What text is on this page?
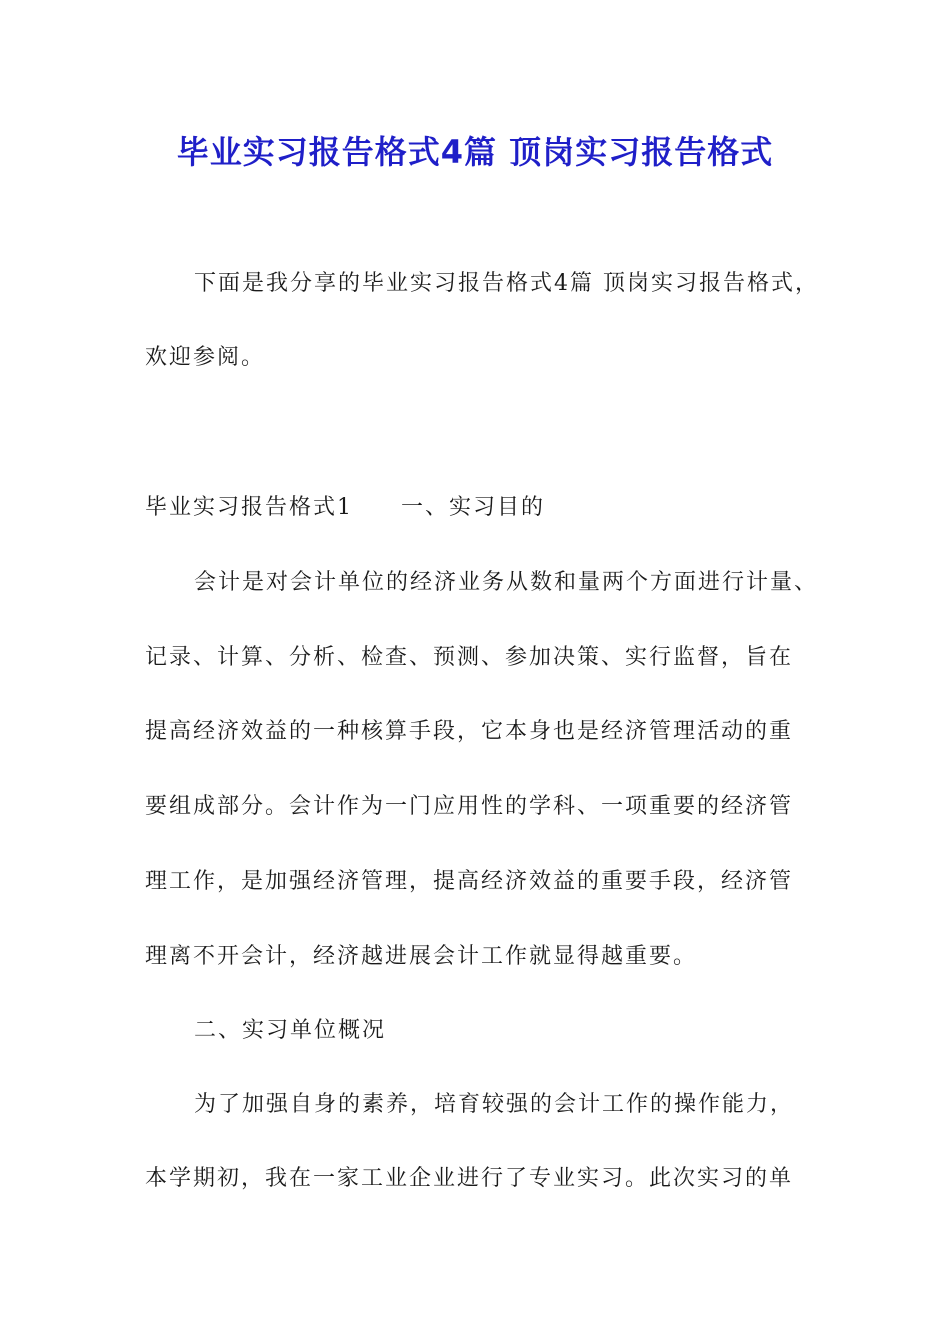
毕业实习报告格式4篇 顶岗实习报告格式
下面是我分享的毕业实习报告格式4篇 顶岗实习报告格式，
欢迎参阅。
毕业实习报告格式1　　一、实习目的
会计是对会计单位的经济业务从数和量两个方面进行计量、
记录、计算、分析、检查、预测、参加决策、实行监督，旨在
提高经济效益的一种核算手段，它本身也是经济管理活动的重
要组成部分。会计作为一门应用性的学科、一项重要的经济管
理工作，是加强经济管理，提高经济效益的重要手段，经济管
理离不开会计，经济越进展会计工作就显得越重要。
二、实习单位概况
为了加强自身的素养，培育较强的会计工作的操作能力，
本学期初，我在一家工业企业进行了专业实习。此次实习的单
